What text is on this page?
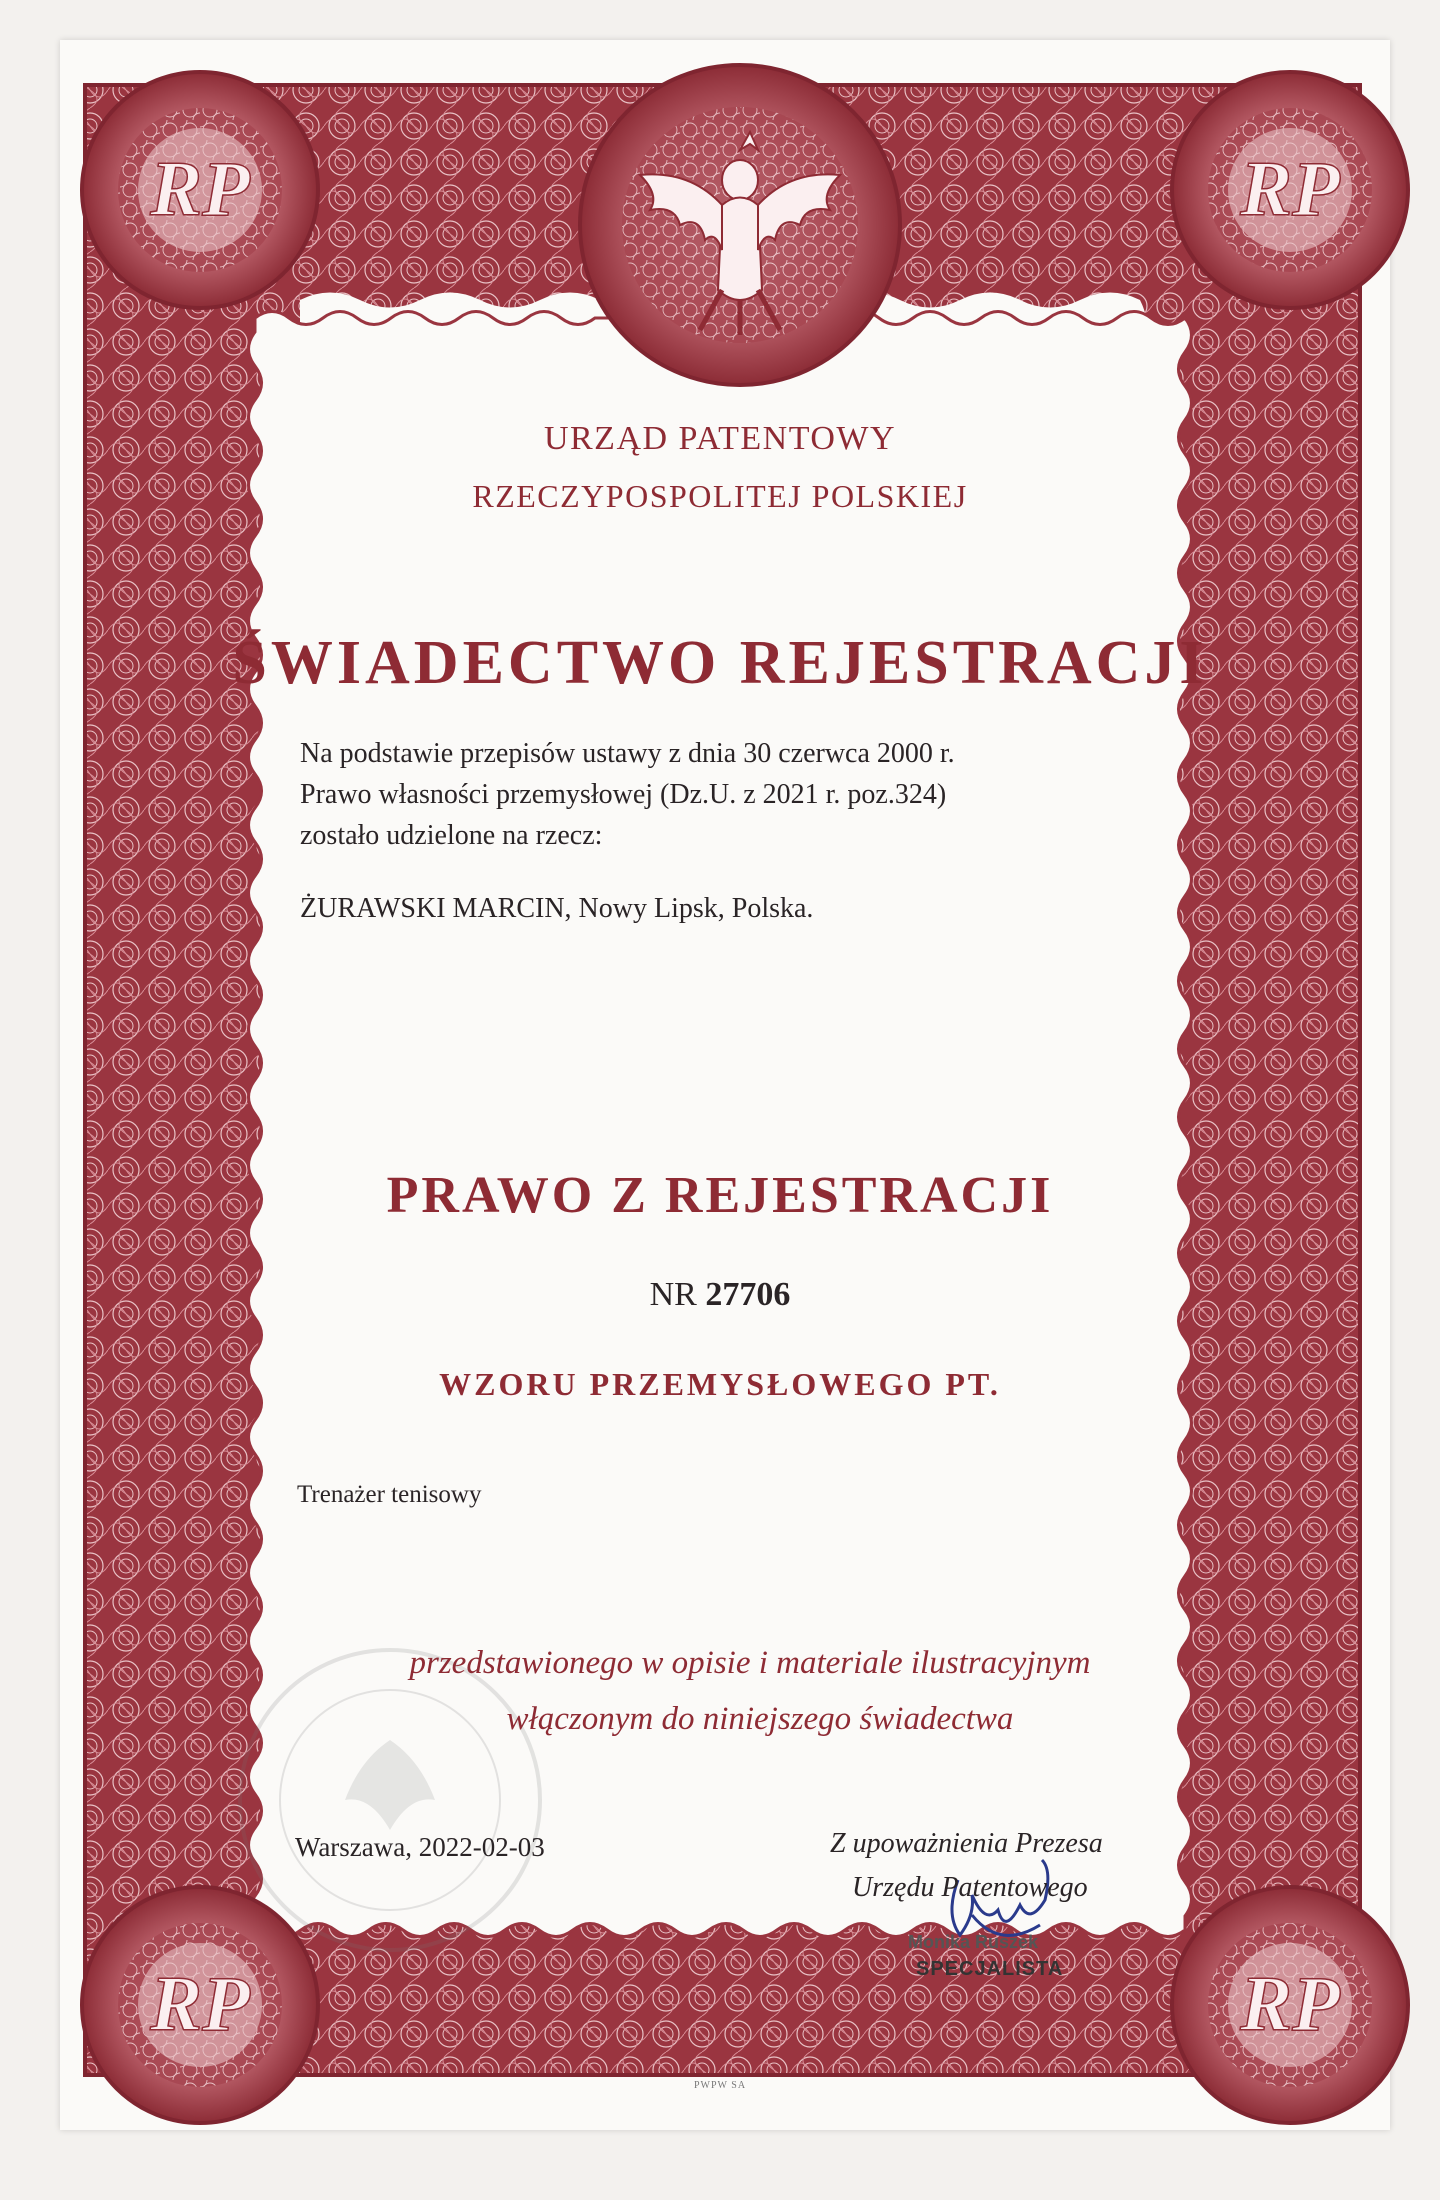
RP	RP
RP	RP
URZĄD PATENTOWY
RZECZYPOSPOLITEJ POLSKIEJ
ŚWIADECTWO REJESTRACJI
Na podstawie przepisów ustawy z dnia 30 czerwca 2000 r.
Prawo własności przemysłowej (Dz.U. z 2021 r. poz.324)
zostało udzielone na rzecz:
ŻURAWSKI MARCIN, Nowy Lipsk, Polska.
PRAWO Z REJESTRACJI
NR 27706
WZORU PRZEMYSŁOWEGO PT.
Trenażer tenisowy
przedstawionego w opisie i materiale ilustracyjnym
włączonym do niniejszego świadectwa
Warszawa, 2022-02-03	Z upoważnienia Prezesa
Urzędu Patentowego
Monika Ruszek
SPECJALISTA
PWPW SA
